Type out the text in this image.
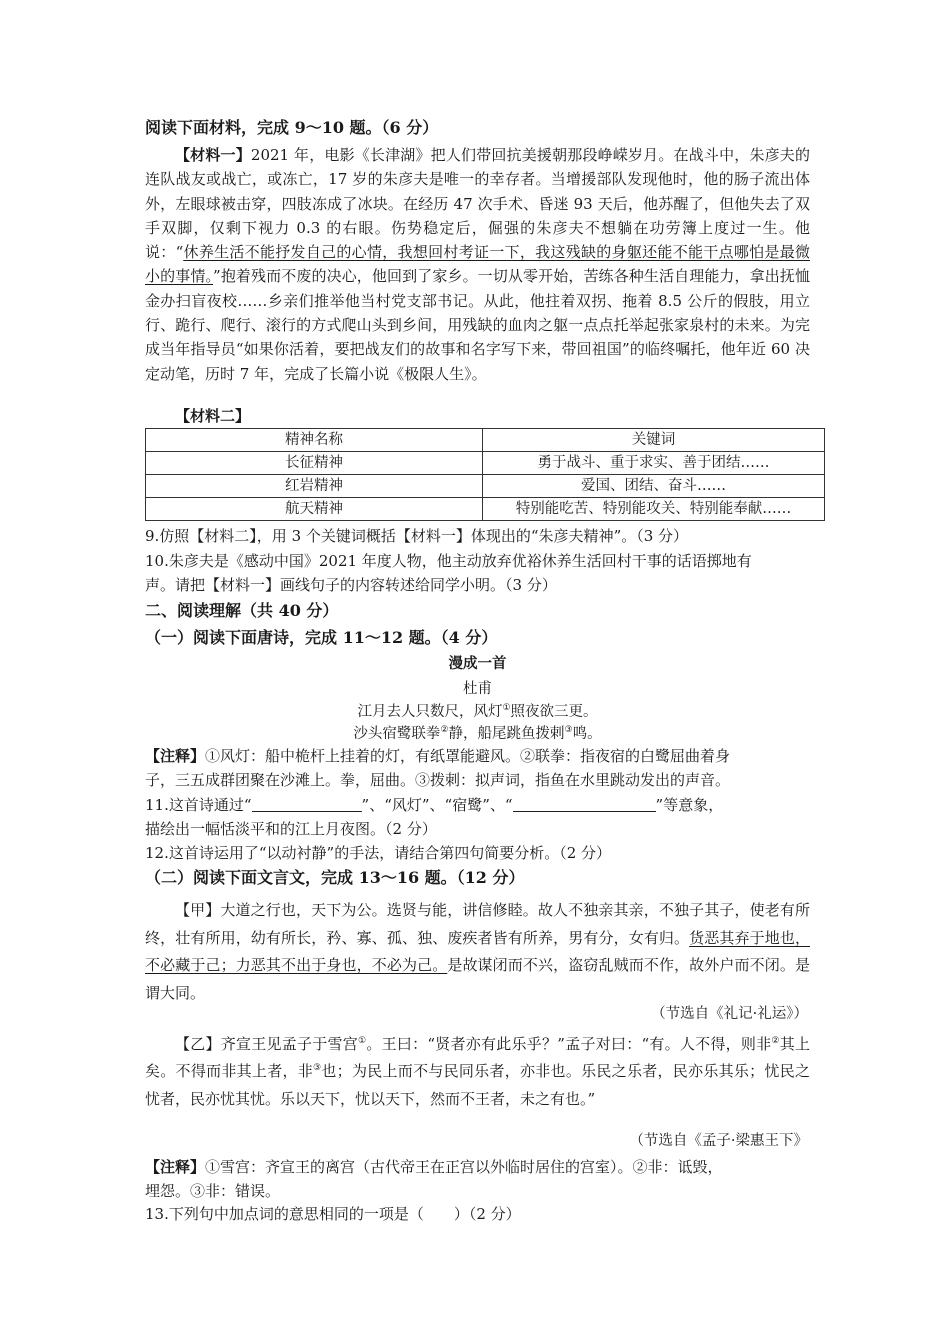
阅读下面材料，完成 9～10 题。（6 分）

【材料一】2021 年，电影《长津湖》把人们带回抗美援朝那段峥嵘岁月。在战斗中，朱彦夫的连队战友或战亡，或冻亡，17 岁的朱彦夫是唯一的幸存者。当增援部队发现他时，他的肠子流出体外，左眼球被击穿，四肢冻成了冰块。在经历 47 次手术、昏迷 93 天后，他苏醒了，但他失去了双手双脚，仅剩下视力 0.3 的右眼。伤势稳定后，倔强的朱彦夫不想躺在功劳簿上度过一生。他说：“休养生活不能抒发自己的心情，我想回村考证一下，我这残缺的身躯还能不能干点哪怕是最微小的事情。”抱着残而不废的决心，他回到了家乡。一切从零开始，苦练各种生活自理能力，拿出抚恤金办扫盲夜校……乡亲们推举他当村党支部书记。从此，他拄着双拐、拖着 8.5 公斤的假肢，用立行、跪行、爬行、滚行的方式爬山头到乡间，用残缺的血肉之躯一点点托举起张家泉村的未来。为完成当年指导员“如果你活着，要把战友们的故事和名字写下来，带回祖国”的临终嘱托，他年近 60 决定动笔，历时 7 年，完成了长篇小说《极限人生》。

【材料二】
精神名称	关键词
长征精神	勇于战斗、重于求实、善于团结……
红岩精神	爱国、团结、奋斗……
航天精神	特别能吃苦、特别能攻关、特别能奉献……
9.仿照【材料二】，用 3 个关键词概括【材料一】体现出的“朱彦夫精神”。（3 分）
10.朱彦夫是《感动中国》2021 年度人物，他主动放弃优裕休养生活回村干事的话语掷地有
声。请把【材料一】画线句子的内容转述给同学小明。（3 分）
二、阅读理解（共 40 分）
（一）阅读下面唐诗，完成 11～12 题。（4 分）
漫成一首
杜甫
江月去人只数尺，风灯①照夜欲三更。
沙头宿鹭联拳②静，船尾跳鱼拨剌③鸣。
【注释】①风灯：船中桅杆上挂着的灯，有纸罩能避风。②联拳：指夜宿的白鹭屈曲着身
子，三五成群团聚在沙滩上。拳，屈曲。③拨刺：拟声词，指鱼在水里跳动发出的声音。
11.这首诗通过“	”、“风灯”、“宿鹭”、“	”等意象，
描绘出一幅恬淡平和的江上月夜图。（2 分）
12.这首诗运用了“以动衬静”的手法，请结合第四句简要分析。（2 分）
（二）阅读下面文言文，完成 13～16 题。（12 分）

【甲】大道之行也，天下为公。选贤与能，讲信修睦。故人不独亲其亲，不独子其子，使老有所终，壮有所用，幼有所长，矜、寡、孤、独、废疾者皆有所养，男有分，女有归。货恶其弃于地也，不必藏于己；力恶其不出于身也，不必为己。是故谋闭而不兴，盗窃乱贼而不作，故外户而不闭。是谓大同。

（节选自《礼记·礼运》）

【乙】齐宣王见孟子于雪宫①。王曰：“贤者亦有此乐乎？”孟子对曰：“有。人不得，则非②其上矣。不得而非其上者，非③也；为民上而不与民同乐者，亦非也。乐民之乐者，民亦乐其乐；忧民之忧者，民亦忧其忧。乐以天下，忧以天下，然而不王者，未之有也。”

（节选自《孟子·梁惠王下》
【注释】①雪宫：齐宣王的离宫（古代帝王在正宫以外临时居住的宫室）。②非：诋毁，
埋怨。③非：错误。
13.下列句中加点词的意思相同的一项是（　　）（2 分）
